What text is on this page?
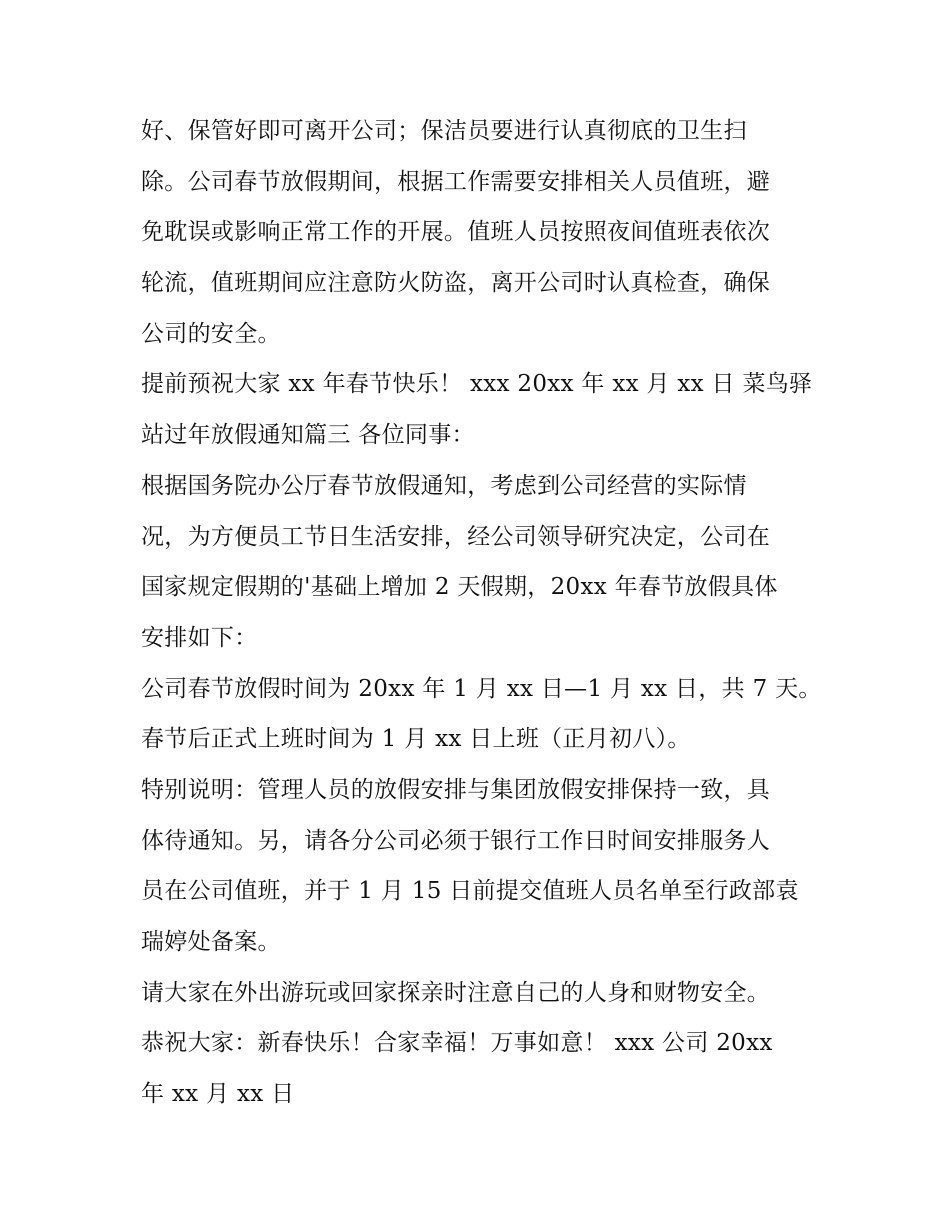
好、保管好即可离开公司；保洁员要进行认真彻底的卫生扫
除。公司春节放假期间，根据工作需要安排相关人员值班，避
免耽误或影响正常工作的开展。值班人员按照夜间值班表依次
轮流，值班期间应注意防火防盗，离开公司时认真检查，确保
公司的安全。
提前预祝大家 xx 年春节快乐！ xxx 20xx 年 xx 月 xx 日 菜鸟驿
站过年放假通知篇三 各位同事：
根据国务院办公厅春节放假通知，考虑到公司经营的实际情
况，为方便员工节日生活安排，经公司领导研究决定，公司在
国家规定假期的'基础上增加 2 天假期，20xx 年春节放假具体
安排如下：
公司春节放假时间为 20xx 年 1 月 xx 日—1 月 xx 日，共 7 天。
春节后正式上班时间为 1 月 xx 日上班（正月初八）。
特别说明：管理人员的放假安排与集团放假安排保持一致，具
体待通知。另，请各分公司必须于银行工作日时间安排服务人
员在公司值班，并于 1 月 15 日前提交值班人员名单至行政部袁
瑞婷处备案。
请大家在外出游玩或回家探亲时注意自己的人身和财物安全。
恭祝大家：新春快乐！合家幸福！万事如意！ xxx 公司 20xx
年 xx 月 xx 日
